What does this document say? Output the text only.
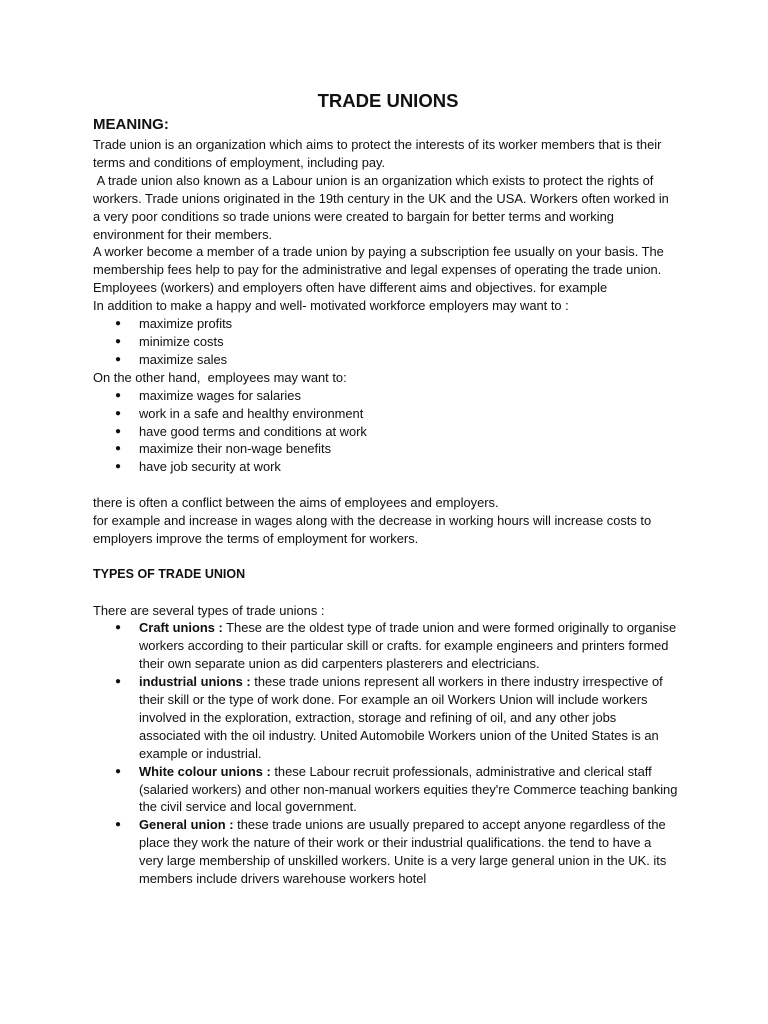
TRADE UNIONS
MEANING:

Trade union is an organization which aims to protect the interests of its worker members that is their terms and conditions of employment, including pay.

A trade union also known as a Labour union is an organization which exists to protect the rights of workers. Trade unions originated in the 19th century in the UK and the USA. Workers often worked in a very poor conditions so trade unions were created to bargain for better terms and working environment for their members.

A worker become a member of a trade union by paying a subscription fee usually on your basis. The membership fees help to pay for the administrative and legal expenses of operating the trade union.

Employees (workers) and employers often have different aims and objectives. for example

In addition to make a happy and well- motivated workforce employers may want to :

● maximize profits
● minimize costs
● maximize sales

On the other hand,  employees may want to:

● maximize wages for salaries
● work in a safe and healthy environment
● have good terms and conditions at work
● maximize their non-wage benefits
● have job security at work

there is often a conflict between the aims of employees and employers.

for example and increase in wages along with the decrease in working hours will increase costs to employers improve the terms of employment for workers.

TYPES OF TRADE UNION

There are several types of trade unions :

● Craft unions : These are the oldest type of trade union and were formed originally to organise workers according to their particular skill or crafts. for example engineers and printers formed their own separate union as did carpenters plasterers and electricians.
● industrial unions : these trade unions represent all workers in there industry irrespective of their skill or the type of work done. For example an oil Workers Union will include workers involved in the exploration, extraction, storage and refining of oil, and any other jobs associated with the oil industry. United Automobile Workers union of the United States is an example or industrial.
● White colour unions : these Labour recruit professionals, administrative and clerical staff (salaried workers) and other non-manual workers equities they're Commerce teaching banking the civil service and local government.
● General union : these trade unions are usually prepared to accept anyone regardless of the place they work the nature of their work or their industrial qualifications. the tend to have a very large membership of unskilled workers. Unite is a very large general union in the UK. its members include drivers warehouse workers hotel
